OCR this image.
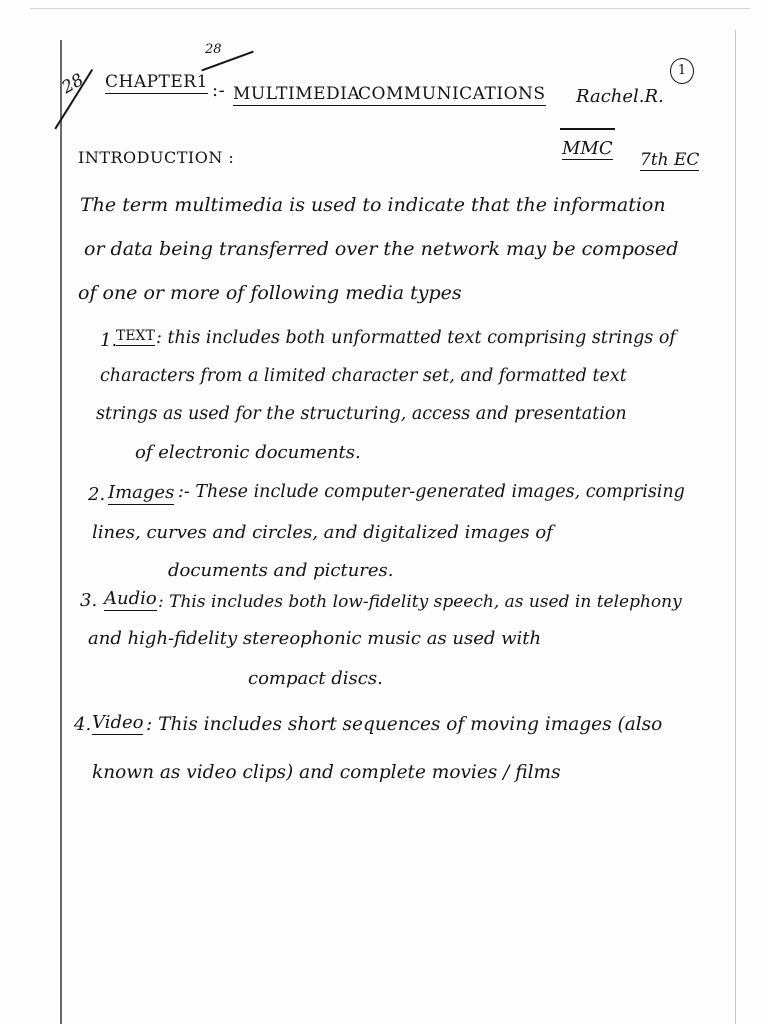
28
28 CHAPTER1 :- MULTIMEDIA
COMMUNICATIONS Rachel.R.
1
MMC
7th EC
INTRODUCTION :
The term multimedia is used to indicate that the information
or data being transferred over the network may be composed
of one or more of following media types
1.
TEXT : this includes both unformatted text comprising strings of
characters from a limited character set, and formatted text
strings as used for the structuring, access and presentation
of electronic documents.
2. Images :- These include computer-generated images, comprising
lines, curves and circles, and digitalized images of
documents and pictures.
3. Audio : This includes both low-fidelity speech, as used in telephony
and high-fidelity stereophonic music as used with
compact discs.
4. Video : This includes short sequences of moving images (also
known as video clips) and complete movies / films
